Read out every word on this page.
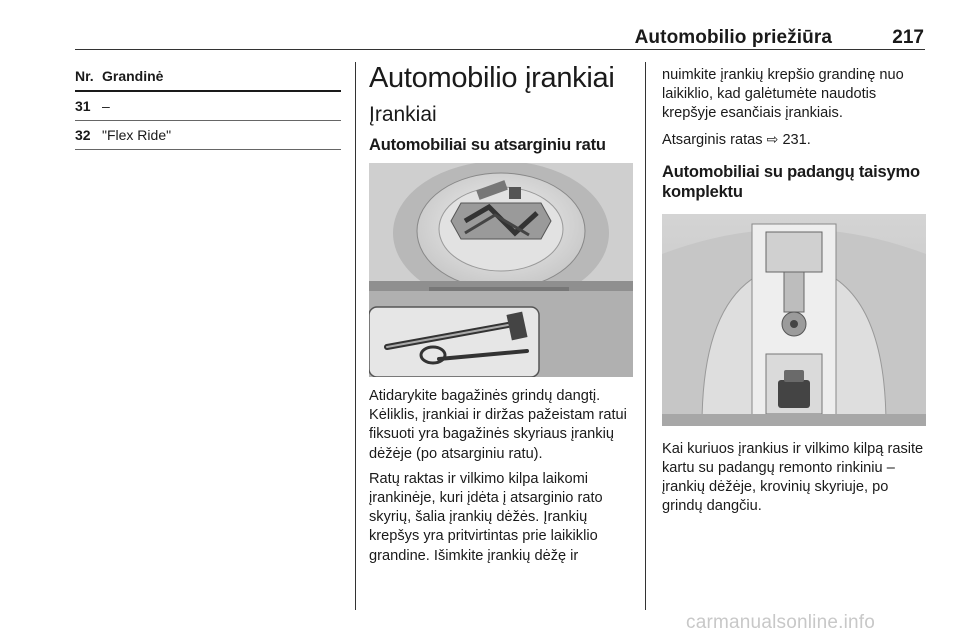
Automobilio priežiūra	217
Nr. Grandinė
31 –
32 "Flex Ride"
Automobilio įrankiai
Įrankiai
Automobiliai su atsarginiu ratu

Atidarykite bagažinės grindų dangtį. Kėliklis, įrankiai ir diržas pažeistam ratui fiksuoti yra bagažinės skyriaus įrankių dėžėje (po atsarginiu ratu).

Ratų raktas ir vilkimo kilpa laikomi įrankinėje, kuri įdėta į atsarginio rato skyrių, šalia įrankių dėžės. Įrankių krepšys yra pritvirtintas prie laikiklio grandine. Išimkite įrankių dėžę ir

nuimkite įrankių krepšio grandinę nuo laikiklio, kad galėtumėte naudotis krepšyje esančiais įrankiais.

Atsarginis ratas ⇨ 231.

Automobiliai su padangų taisymo komplektu

Kai kuriuos įrankius ir vilkimo kilpą rasite kartu su padangų remonto rinkiniu – įrankių dėžėje, krovinių skyriuje, po grindų dangčiu.

carmanualsonline.info
